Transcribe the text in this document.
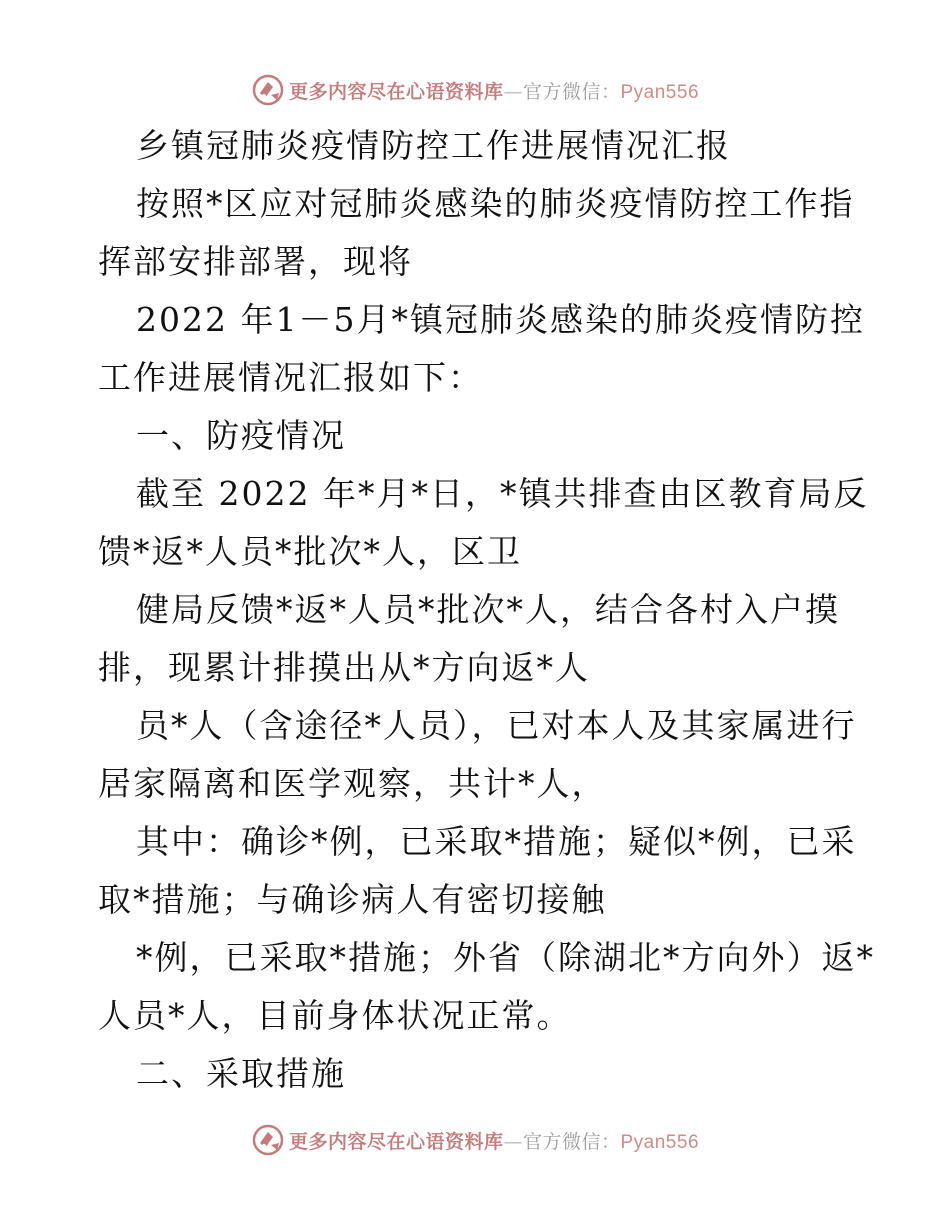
更多内容尽在心语资料库—官方微信：Pyan556
乡镇冠肺炎疫情防控工作进展情况汇报
按照*区应对冠肺炎感染的肺炎疫情防控工作指
挥部安排部署，现将
2022 年1－5月*镇冠肺炎感染的肺炎疫情防控
工作进展情况汇报如下：
一、防疫情况
截至 2022 年*月*日，*镇共排查由区教育局反
馈*返*人员*批次*人，区卫
健局反馈*返*人员*批次*人，结合各村入户摸
排，现累计排摸出从*方向返*人
员*人（含途径*人员），已对本人及其家属进行
居家隔离和医学观察，共计*人，
其中：确诊*例，已采取*措施；疑似*例，已采
取*措施；与确诊病人有密切接触
*例，已采取*措施；外省（除湖北*方向外）返*
人员*人，目前身体状况正常。
二、采取措施
更多内容尽在心语资料库—官方微信：Pyan556
